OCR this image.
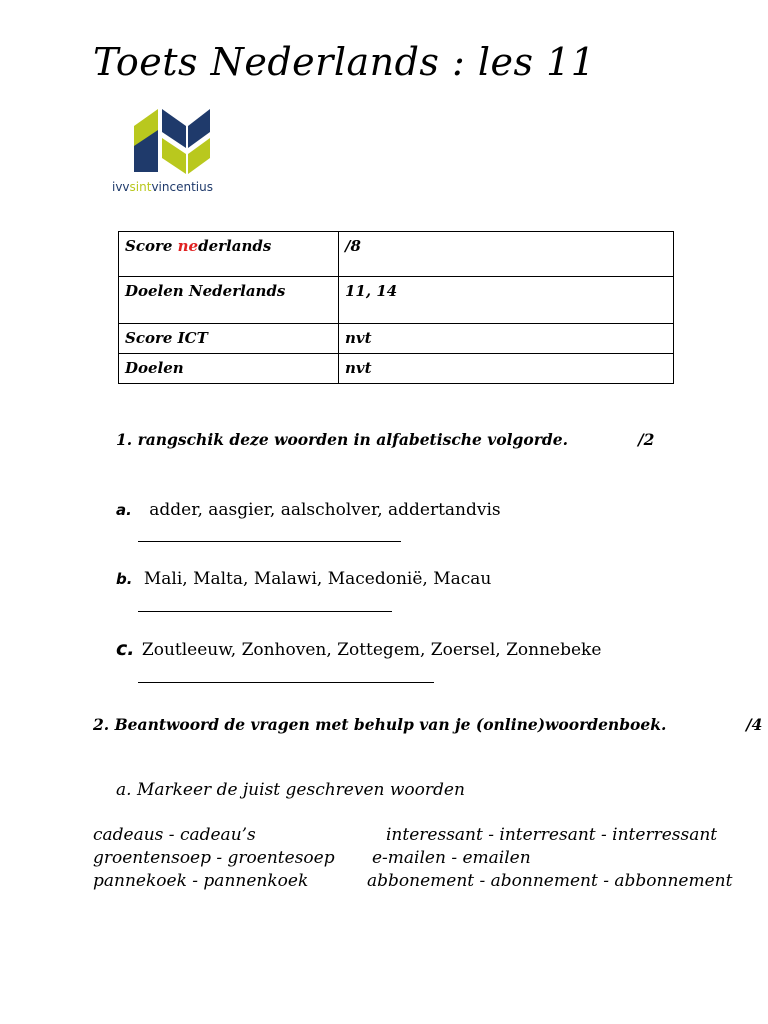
Toets Nederlands : les 11
ivvsintvincentius
Score nederlands	/8
Doelen Nederlands	11, 14
Score ICT	nvt
Doelen	nvt
1. rangschik deze woorden in alfabetische volgorde.	/2
a. adder, aasgier, aalscholver, addertandvis
b. Mali, Malta, Malawi, Macedonië, Macau
c. Zoutleeuw, Zonhoven, Zottegem, Zoersel, Zonnebeke
2. Beantwoord de vragen met behulp van je (online)woordenboek.	/4
a. Markeer de juist geschreven woorden
cadeaus - cadeau’s	interessant - interresant - interressant
groentensoep - groentesoep e-mailen - emailen
pannekoek - pannenkoek	abbonement - abonnement - abbonnement
